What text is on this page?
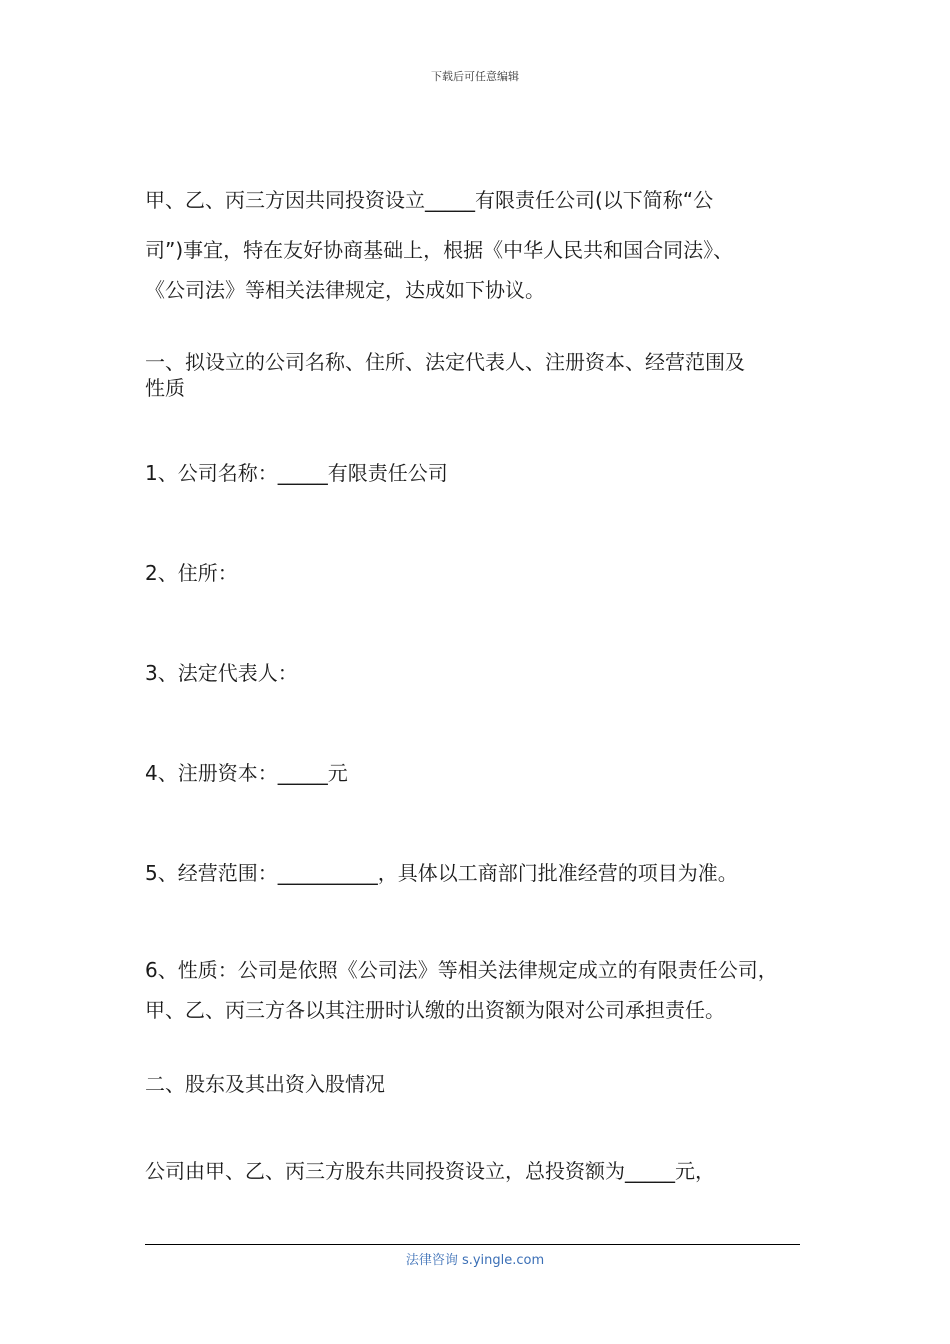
下载后可任意编辑
甲、乙、丙三方因共同投资设立_____有限责任公司(以下简称“公
司”)事宜，特在友好协商基础上，根据《中华人民共和国合同法》、
《公司法》等相关法律规定，达成如下协议。
一、拟设立的公司名称、住所、法定代表人、注册资本、经营范围及
性质
1、公司名称：_____有限责任公司
2、住所：
3、法定代表人：
4、注册资本：_____元
5、经营范围：__________，具体以工商部门批准经营的项目为准。
6、性质：公司是依照《公司法》等相关法律规定成立的有限责任公司，
甲、乙、丙三方各以其注册时认缴的出资额为限对公司承担责任。
二、股东及其出资入股情况
公司由甲、乙、丙三方股东共同投资设立，总投资额为_____元，
法律咨询 s.yingle.com
